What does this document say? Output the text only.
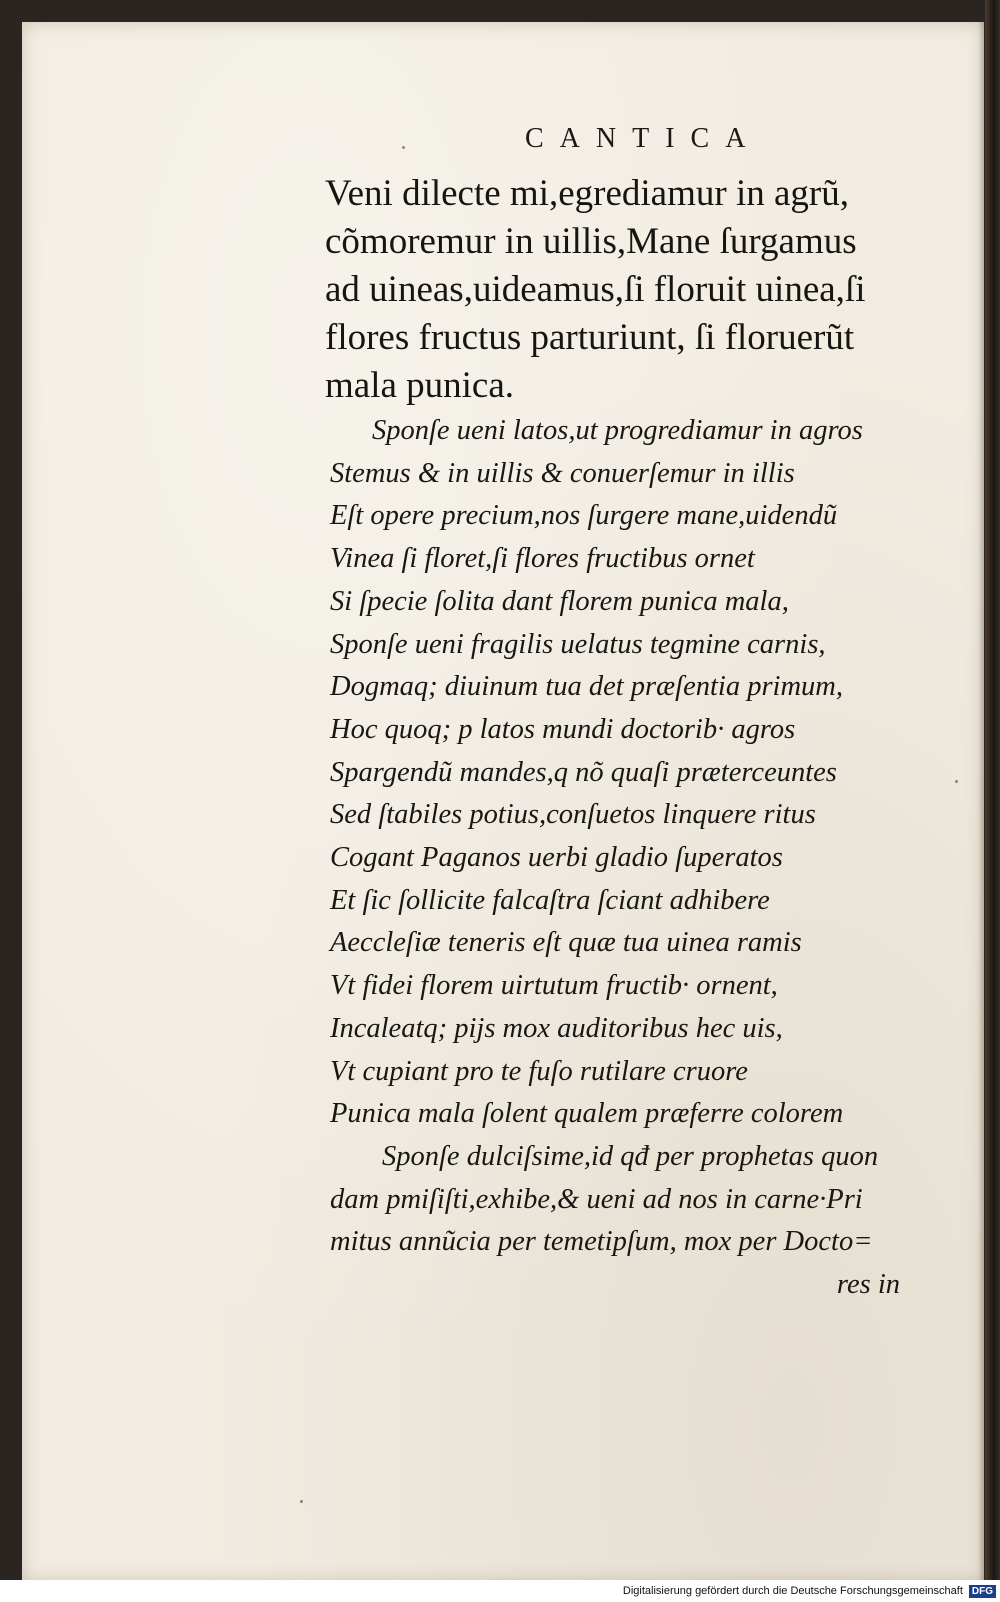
CANTICA
Veni dilecte mi,egrediamur in agrũ,
cõmoremur in uillis,Mane ſurgamus
ad uineas,uideamus,ſi floruit uinea,ſi
flores fructus parturiunt, ſi floruerũt
mala punica.
Sponſe ueni latos,ut progrediamur in agros
Stemus & in uillis & conuerſemur in illis
Eſt opere precium,nos ſurgere mane,uidendũ
Vinea ſi floret,ſi flores fructibus ornet
Si ſpecie ſolita dant florem punica mala,
Sponſe ueni fragilis uelatus tegmine carnis,
Dogmaq; diuinum tua det præſentia primum,
Hoc quoq; p latos mundi doctorib· agros
Spargendũ mandes,q nõ quaſi præterceuntes
Sed ſtabiles potius,conſuetos linquere ritus
Cogant Paganos uerbi gladio ſuperatos
Et ſic ſollicite falcaſtra ſciant adhibere
Aeccleſiæ teneris eſt quæ tua uinea ramis
Vt fidei florem uirtutum fructib· ornent,
Incaleatq; pijs mox auditoribus hec uis,
Vt cupiant pro te fuſo rutilare cruore
Punica mala ſolent qualem præferre colorem
Sponſe dulciſsime,id qđ per prophetas quon
dam pmiſiſti,exhibe,& ueni ad nos in carne·Pri
mitus annũcia per temetipſum, mox per Docto=
res in
Digitalisierung gefördert durch die Deutsche Forschungsgemeinschaft DFG
